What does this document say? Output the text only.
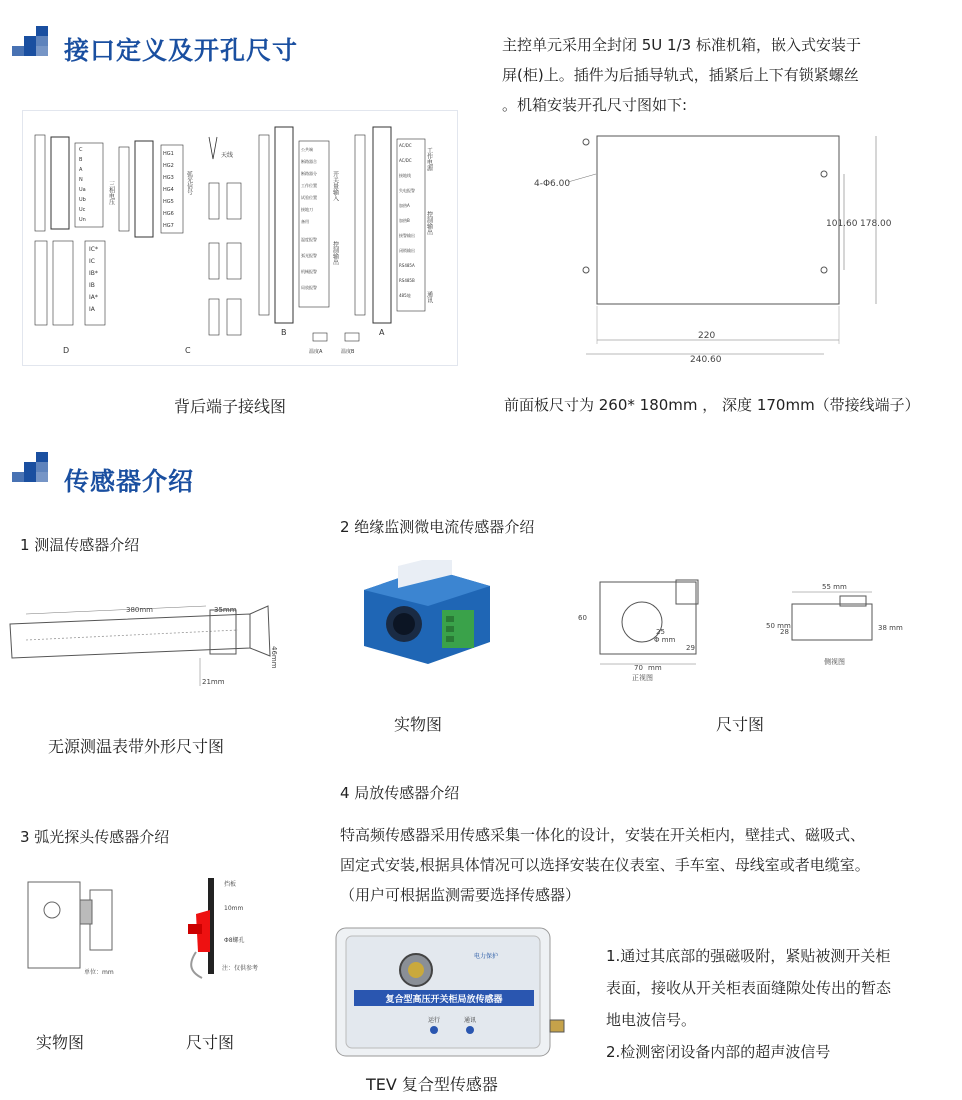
接口定义及开孔尺寸	主控单元采用全封闭 5U 1/3 标准机箱，嵌入式安装于
屏(柜)上。插件为后插导轨式，插紧后上下有锁紧螺丝
。机箱安装开孔尺寸图如下:
三相电压
D
弧光信号
C
天线
开关量输入
控制输出
B
温度A
工作电源
控制输出
通讯
A
温度B
C
B
A
N
Ua
Ub
Uc
Un
IC*
IC
IB*
IB
IA*
IA
HG1
HG2
HG3
HG4
HG5
HG6
HG7
公共端
断路器合
断路器分
工作位置
试验位置
接地刀
备用
温度报警
弧光报警
机械报警
局放报警
AC/DC
AC/DC
接地线
失电报警
加热A
加热B
接警输出
闭锁输出
RS485A
RS485B
485地
背后端子接线图
4-Φ6.00
101.60 178.00
220
240.60
前面板尺寸为 260* 180mm ， 深度 170mm（带接线端子）
传感器介绍
1 测温传感器介绍
380mm	35mm
46mm
21mm
无源测温表带外形尺寸图
2 绝缘监测微电流传感器介绍
实物图
60
25
Φ mm
29
70 mm
正视图
55 mm
50 mm
28	38 mm
侧视图
尺寸图
4 局放传感器介绍
特高频传感器采用传感采集一体化的设计，安装在开关柜内，壁挂式、磁吸式、
固定式安装,根据具体情况可以选择安装在仪表室、手车室、母线室或者电缆室。
（用户可根据监测需要选择传感器）
3 弧光探头传感器介绍
单位：mm
挡板
10mm
Φ8螺孔
注：仅供参考
实物图	尺寸图
电力保护
复合型高压开关柜局放传感器
运行	通讯
TEV 复合型传感器
1.通过其底部的强磁吸附，紧贴被测开关柜
表面，接收从开关柜表面缝隙处传出的暂态
地电波信号。
2.检测密闭设备内部的超声波信号
